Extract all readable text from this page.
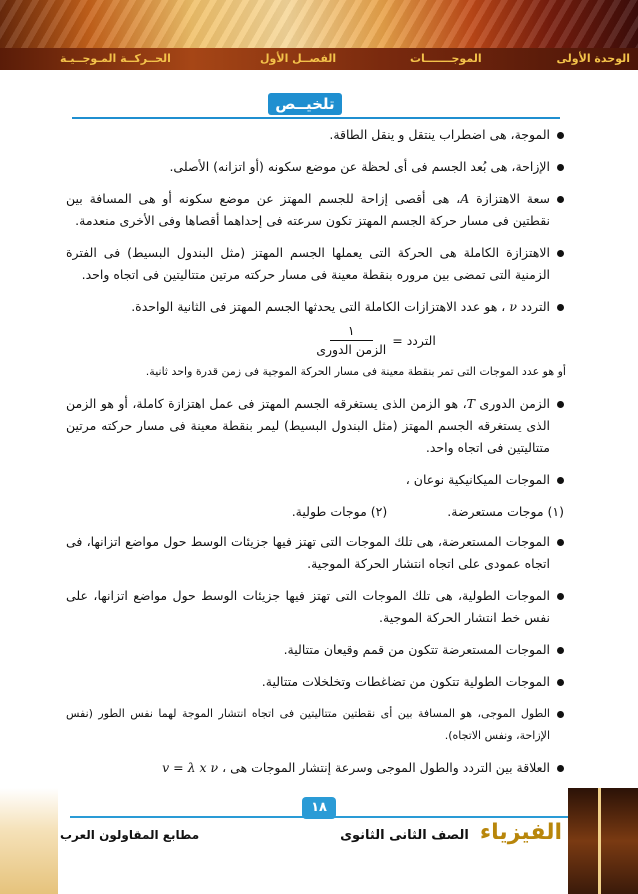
الوحدة الأولى
الموجـــــــات
الفصــل الأول
الحــركــة المـوجــيـة
تلخيــص
الموجة، هى اضطراب ينتقل و ينقل الطاقة.
الإزاحة، هى بُعد الجسم فى أى لحظة عن موضع سكونه (أو اتزانه) الأصلى.
سعة الاهتزازة A، هى أقصى إزاحة للجسم المهتز عن موضع سكونه أو هى المسافة بين نقطتين فى مسار حركة الجسم المهتز تكون سرعته فى إحداهما أقصاها وفى الأخرى منعدمة.
الاهتزازة الكاملة هى الحركة التى يعملها الجسم المهتز (مثل البندول البسيط) فى الفترة الزمنية التى تمضى بين مروره بنقطة معينة فى مسار حركته مرتين متتاليتين فى اتجاه واحد.
التردد ν ، هو عدد الاهتزازات الكاملة التى يحدثها الجسم المهتز فى الثانية الواحدة.
التردد =
$\frac{١}{\text{الزمن الدورى}}$
أو هو عدد الموجات التى تمر بنقطة معينة فى مسار الحركة الموجية فى زمن قدرة واحد ثانية.
الزمن الدورى T، هو الزمن الذى يستغرقه الجسم المهتز فى عمل اهتزازة كاملة، أو هو الزمن الذى يستغرقه الجسم المهتز (مثل البندول البسيط) ليمر بنقطة معينة فى مسار حركته مرتين متتاليتين فى اتجاه واحد.
الموجات الميكانيكية نوعان ،
(١) موجات مستعرضة.
(٢) موجات طولية.
الموجات المستعرضة، هى تلك الموجات التى تهتز فيها جزيئات الوسط حول مواضع اتزانها، فى اتجاه عمودى على اتجاه انتشار الحركة الموجية.
الموجات الطولية، هى تلك الموجات التى تهتز فيها جزيئات الوسط حول مواضع اتزانها، على نفس خط انتشار الحركة الموجية.
الموجات المستعرضة تتكون من قمم وقيعان متتالية.
الموجات الطولية تتكون من تضاغطات وتخلخلات متتالية.
الطول الموجى، هو المسافة بين أى نقطتين متتاليتين فى اتجاه انتشار الموجة لهما نفس الطور (نفس الإزاحة، ونفس الاتجاه).
العلاقة بين التردد والطول الموجى وسرعة إنتشار الموجات هى ، v = λ x ν
١٨
الفيزياء الصف الثانى الثانوى
مطابع المقاولون العرب
